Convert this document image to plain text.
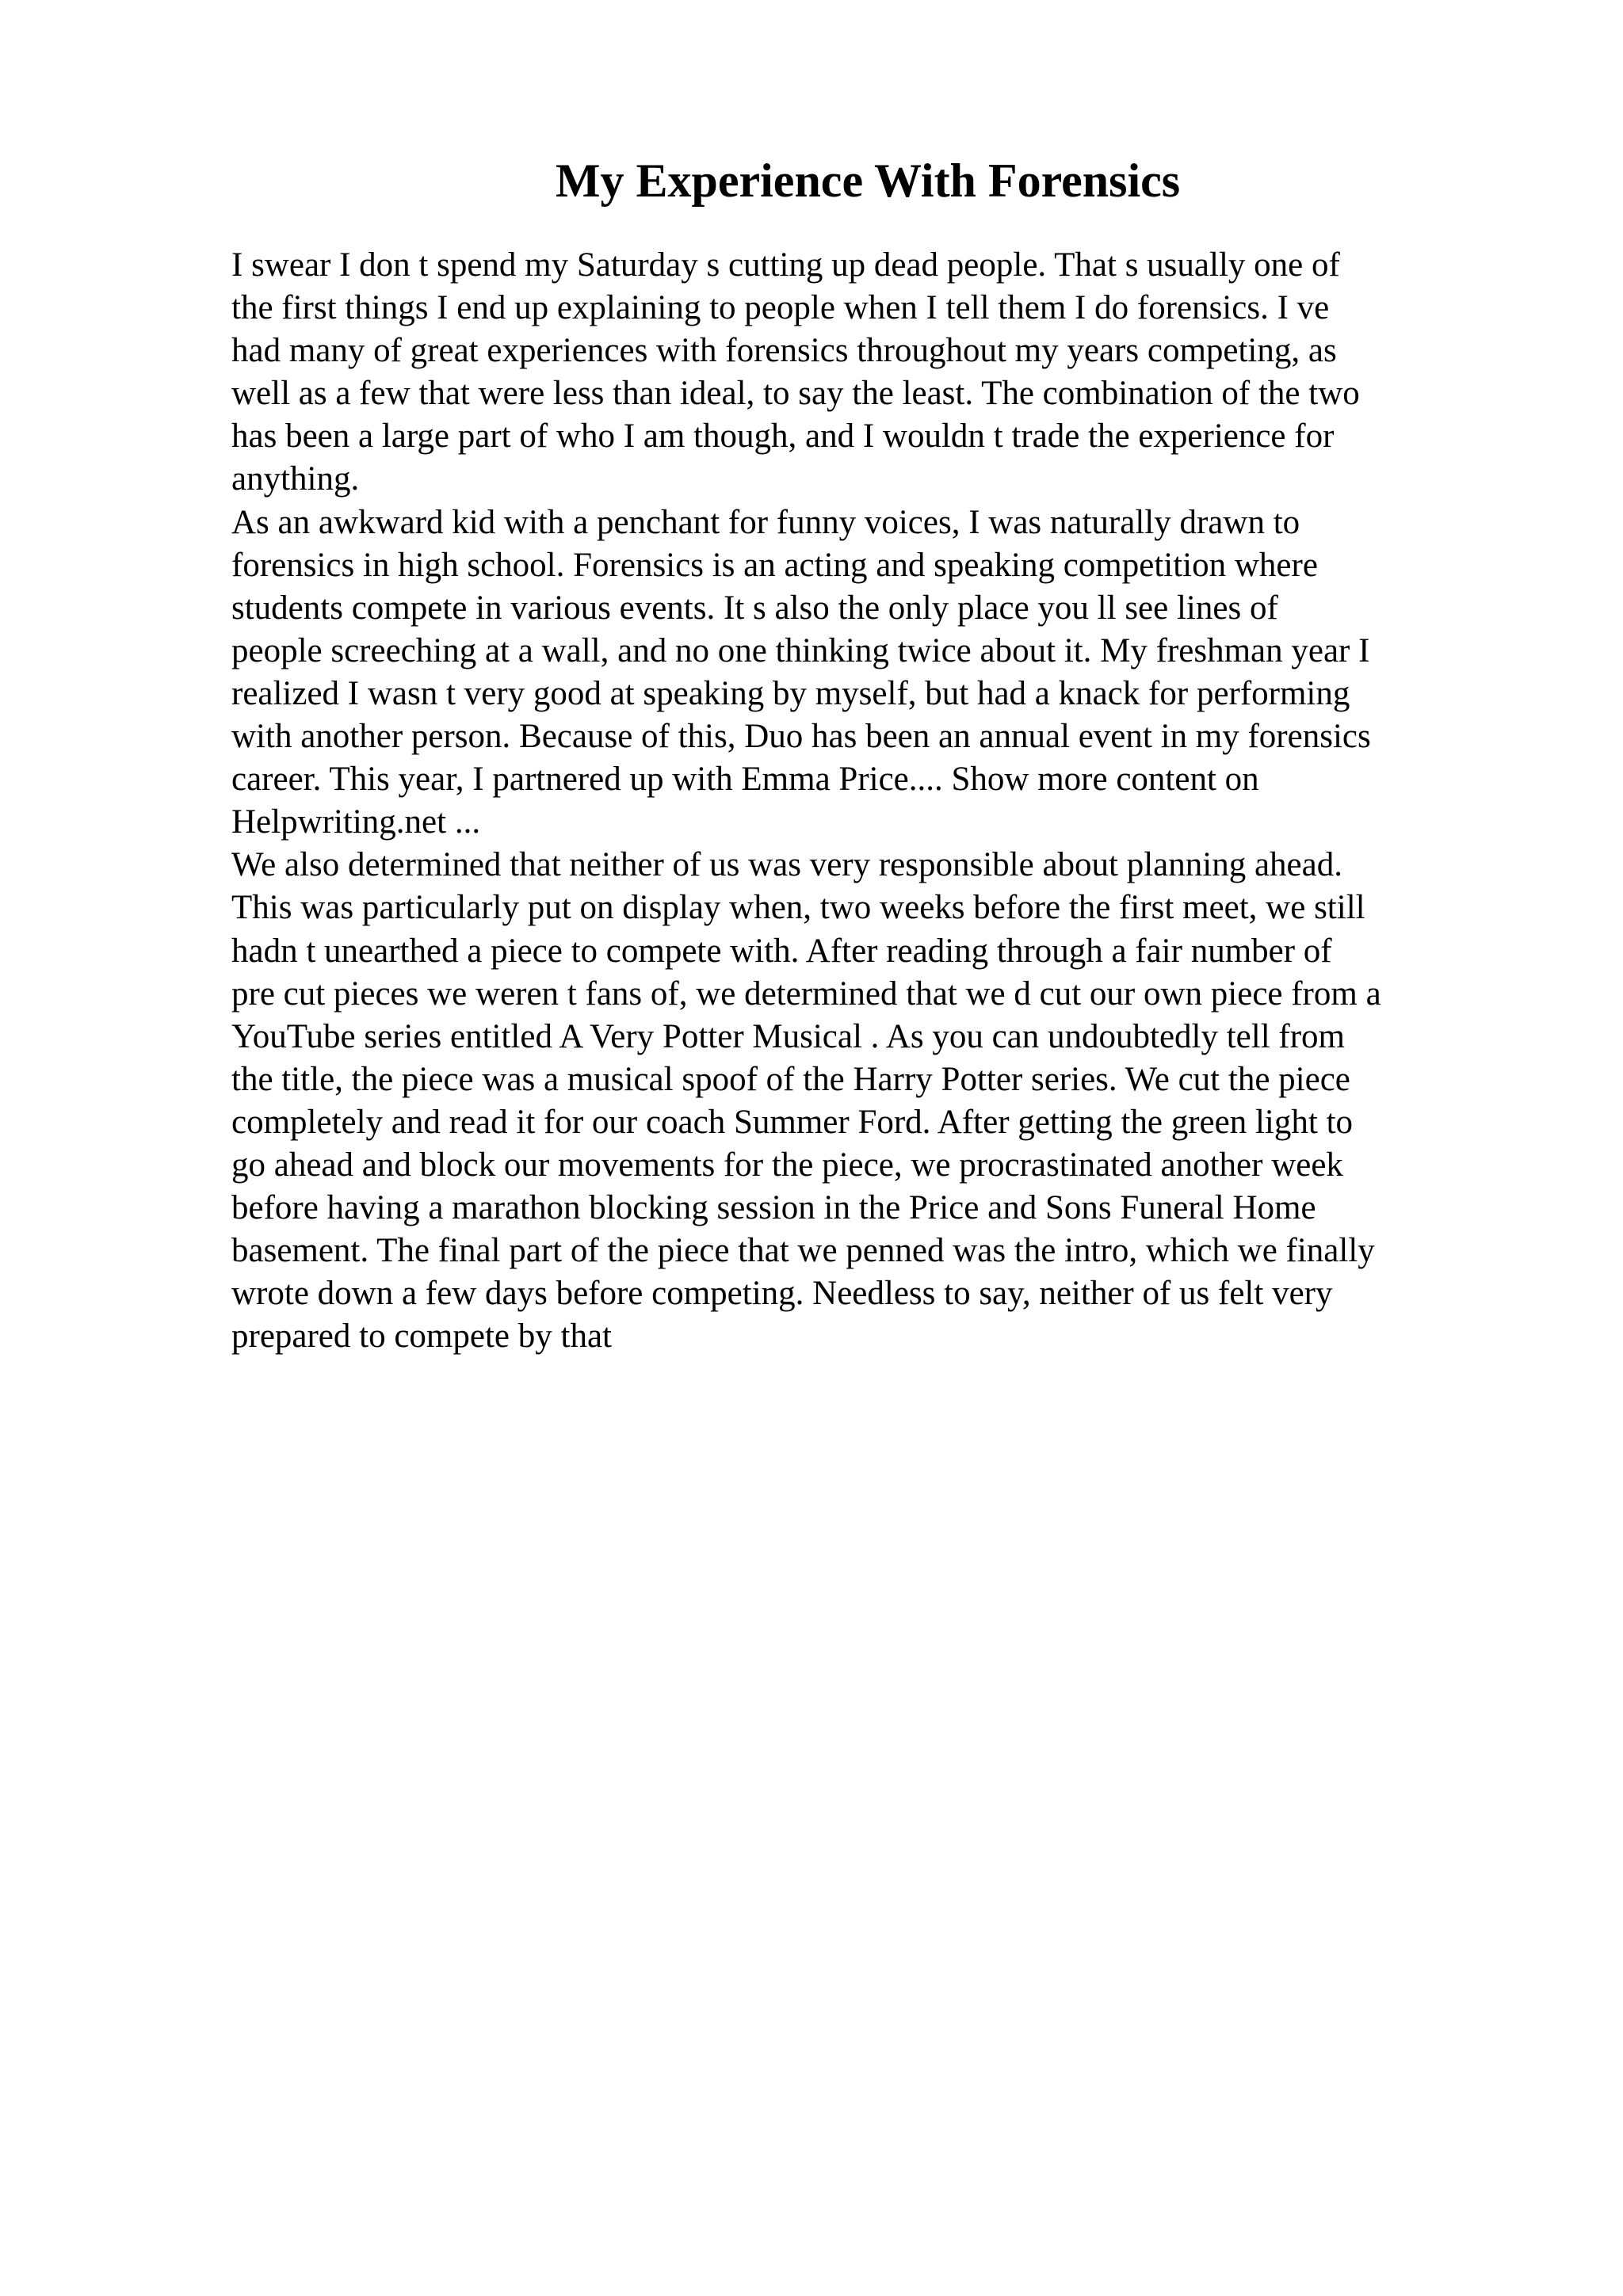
My Experience With Forensics
I swear I don t spend my Saturday s cutting up dead people. That s usually one of
the first things I end up explaining to people when I tell them I do forensics. I ve
had many of great experiences with forensics throughout my years competing, as
well as a few that were less than ideal, to say the least. The combination of the two
has been a large part of who I am though, and I wouldn t trade the experience for
anything.
As an awkward kid with a penchant for funny voices, I was naturally drawn to
forensics in high school. Forensics is an acting and speaking competition where
students compete in various events. It s also the only place you ll see lines of
people screeching at a wall, and no one thinking twice about it. My freshman year I
realized I wasn t very good at speaking by myself, but had a knack for performing
with another person. Because of this, Duo has been an annual event in my forensics
career. This year, I partnered up with Emma Price.... Show more content on
Helpwriting.net ...
We also determined that neither of us was very responsible about planning ahead.
This was particularly put on display when, two weeks before the first meet, we still
hadn t unearthed a piece to compete with. After reading through a fair number of
pre cut pieces we weren t fans of, we determined that we d cut our own piece from a
YouTube series entitled A Very Potter Musical . As you can undoubtedly tell from
the title, the piece was a musical spoof of the Harry Potter series. We cut the piece
completely and read it for our coach Summer Ford. After getting the green light to
go ahead and block our movements for the piece, we procrastinated another week
before having a marathon blocking session in the Price and Sons Funeral Home
basement. The final part of the piece that we penned was the intro, which we finally
wrote down a few days before competing. Needless to say, neither of us felt very
prepared to compete by that
